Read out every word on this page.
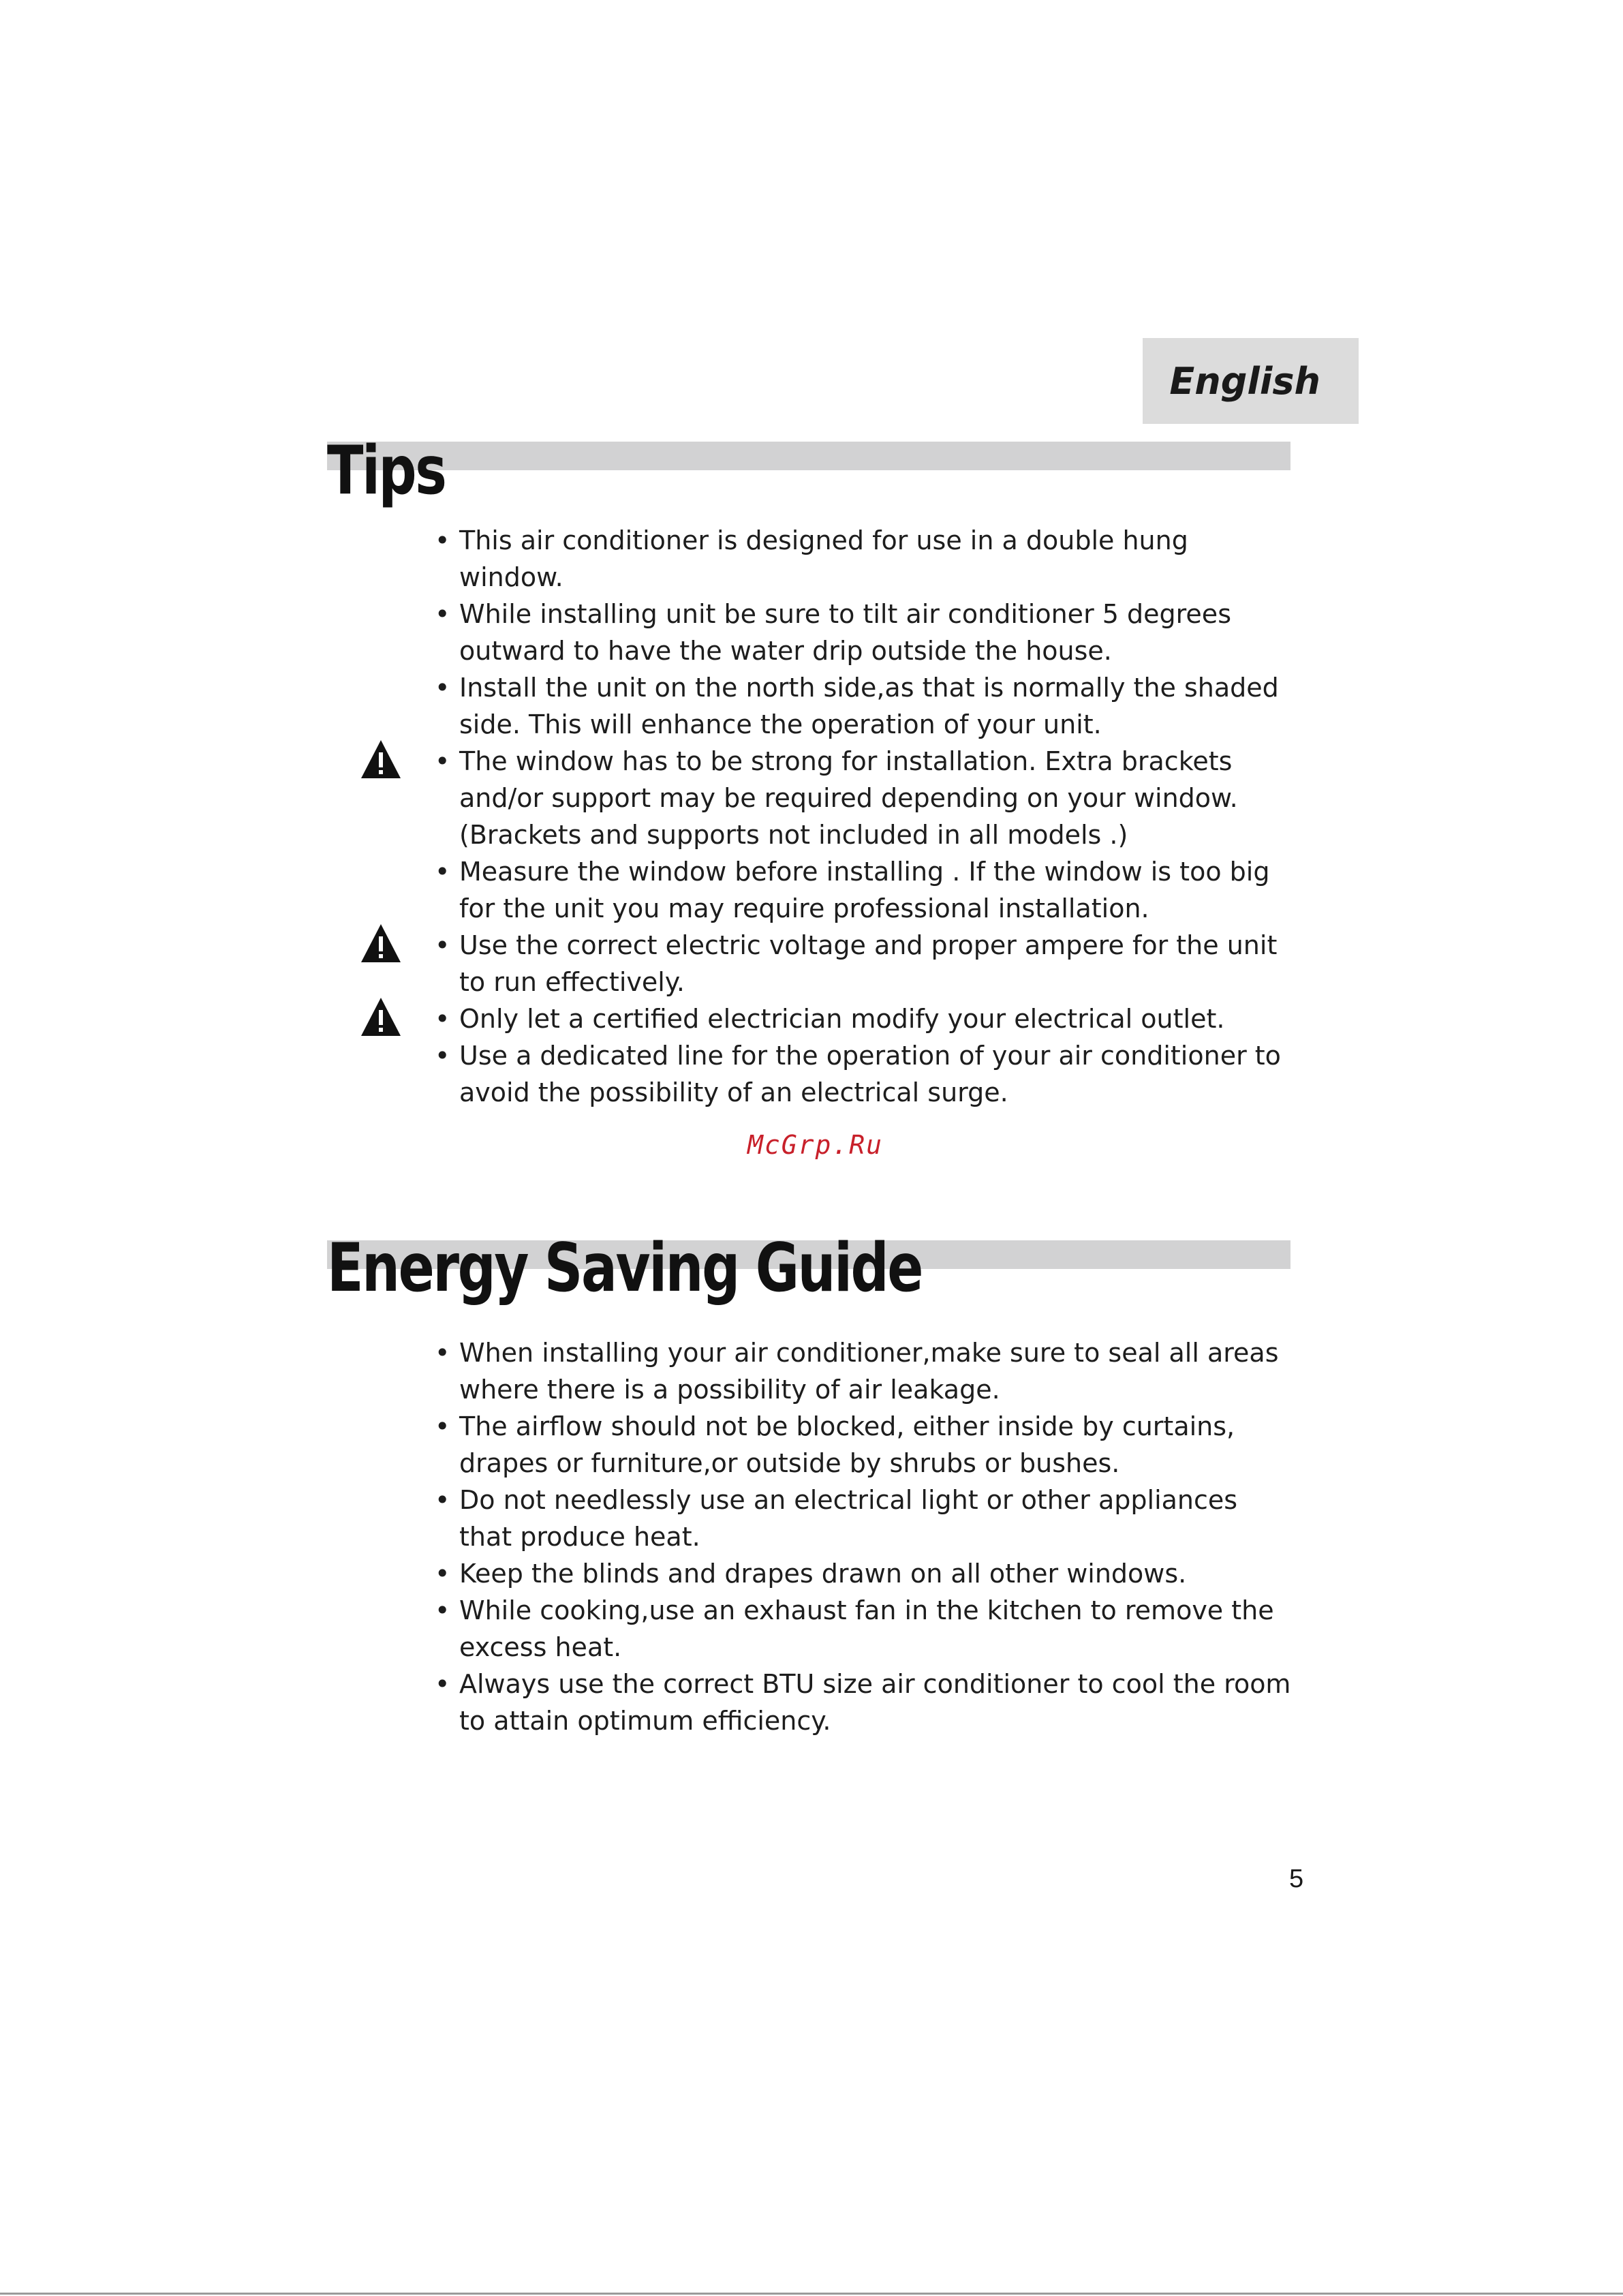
English
Tips
• This air conditioner is designed for use in a double hung window.
• While installing unit be sure to tilt air conditioner 5 degrees outward to have the water drip outside the house.
• Install the unit on the north side,as that is normally the shaded side. This will enhance the operation of your unit.
• The window has to be strong for installation. Extra brackets and/or support may be required depending on your window. (Brackets and supports not included in all models .)
• Measure the window before installing . If the window is too big for the unit you may require professional installation.
• Use the correct electric voltage and proper ampere for the unit to run effectively.
• Only let a certified electrician modify your electrical outlet.
• Use a dedicated line for the operation of your air conditioner to avoid the possibility of an electrical surge.
McGrp.Ru
Energy Saving Guide
• When installing your air conditioner,make sure to seal all areas where there is a possibility of air leakage.
• The airflow should not be blocked, either inside by curtains, drapes or furniture,or outside by shrubs or bushes.
• Do not needlessly use an electrical light or other appliances that produce heat.
• Keep the blinds and drapes drawn on all other windows.
• While cooking,use an exhaust fan in the kitchen to remove the excess heat.
• Always use the correct BTU size air conditioner to cool the room to attain optimum efficiency.
5
